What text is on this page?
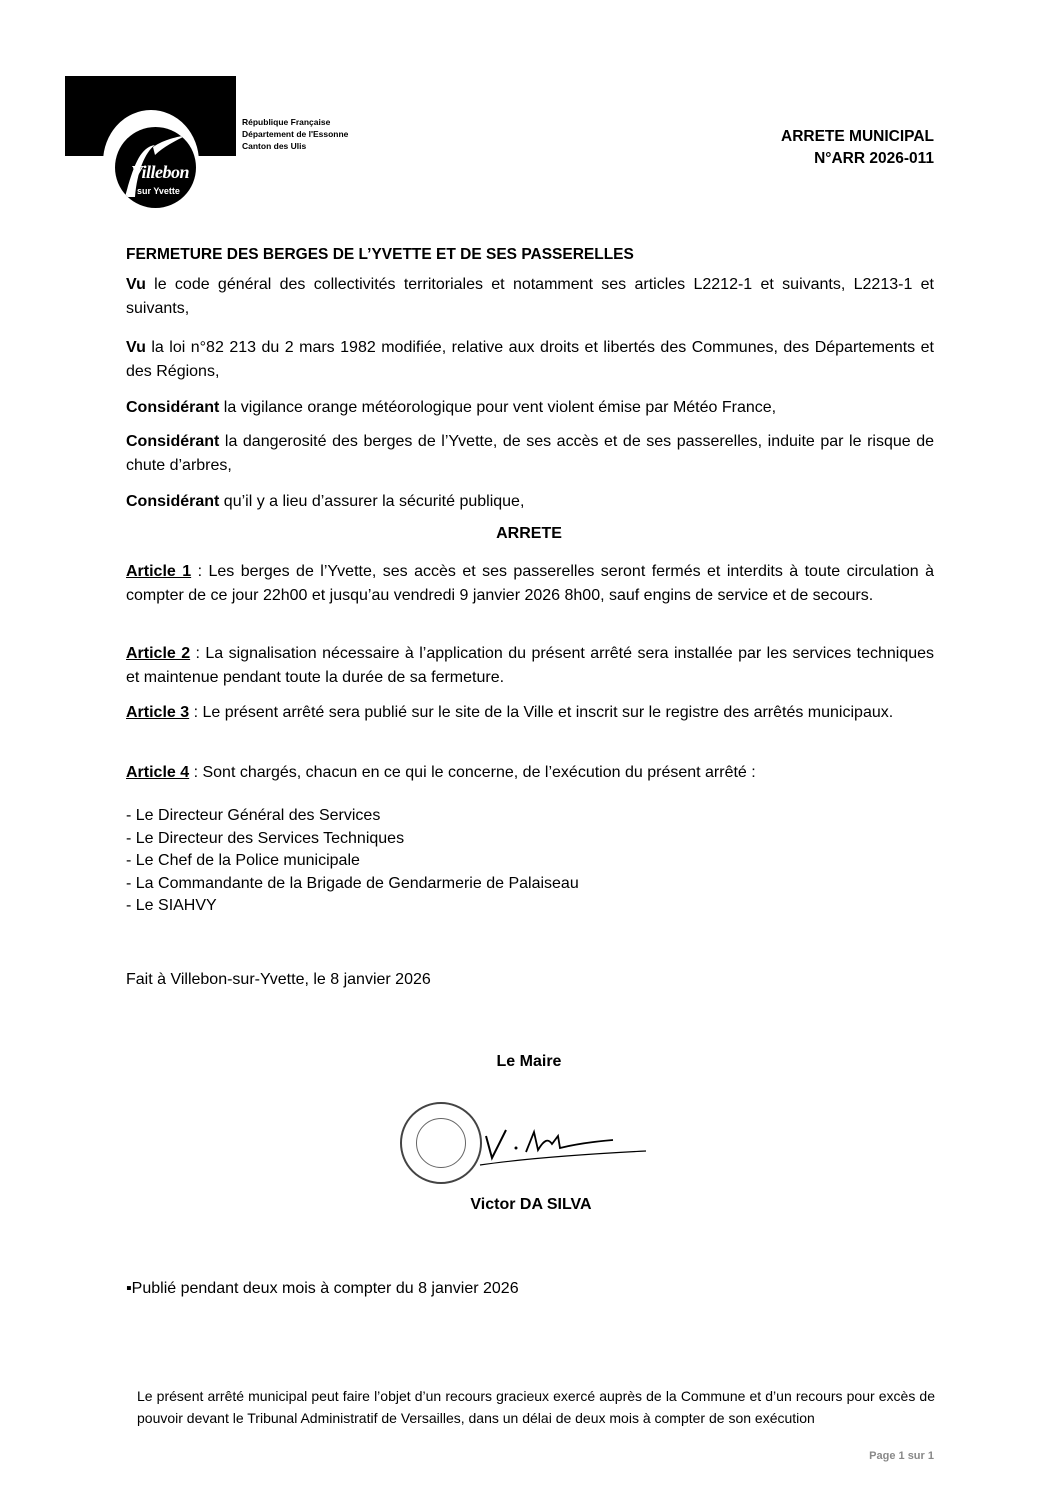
Villebon
sur Yvette
République Française
Département de l'Essonne
Canton des Ulis
ARRETE MUNICIPAL
N°ARR 2026-011
FERMETURE DES BERGES DE L’YVETTE ET DE SES PASSERELLES
Vu le code général des collectivités territoriales et notamment ses articles L2212-1 et suivants, L2213-1 et suivants,
Vu la loi n°82 213 du 2 mars 1982 modifiée, relative aux droits et libertés des Communes, des Départements et des Régions,
Considérant la vigilance orange météorologique pour vent violent émise par Météo France,
Considérant la dangerosité des berges de l’Yvette, de ses accès et de ses passerelles, induite par le risque de chute d’arbres,
Considérant qu’il y a lieu d’assurer la sécurité publique,
ARRETE
Article 1 : Les berges de l’Yvette, ses accès et ses passerelles seront fermés et interdits à toute circulation à compter de ce jour 22h00 et jusqu’au vendredi 9 janvier 2026 8h00, sauf engins de service et de secours.
Article 2 : La signalisation nécessaire à l’application du présent arrêté sera installée par les services techniques et maintenue pendant toute la durée de sa fermeture.
Article 3 : Le présent arrêté sera publié sur le site de la Ville et inscrit sur le registre des arrêtés municipaux.
Article 4 : Sont chargés, chacun en ce qui le concerne, de l’exécution du présent arrêté :
- Le Directeur Général des Services
- Le Directeur des Services Techniques
- Le Chef de la Police municipale
- La Commandante de la Brigade de Gendarmerie de Palaiseau
- Le SIAHVY
Fait à Villebon-sur-Yvette, le 8 janvier 2026
Le Maire
Victor DA SILVA
▪Publié pendant deux mois à compter du 8 janvier 2026
Le présent arrêté municipal peut faire l’objet d’un recours gracieux exercé auprès de la Commune et d’un recours pour excès de pouvoir devant le Tribunal Administratif de Versailles, dans un délai de deux mois à compter de son exécution
Page 1 sur 1
